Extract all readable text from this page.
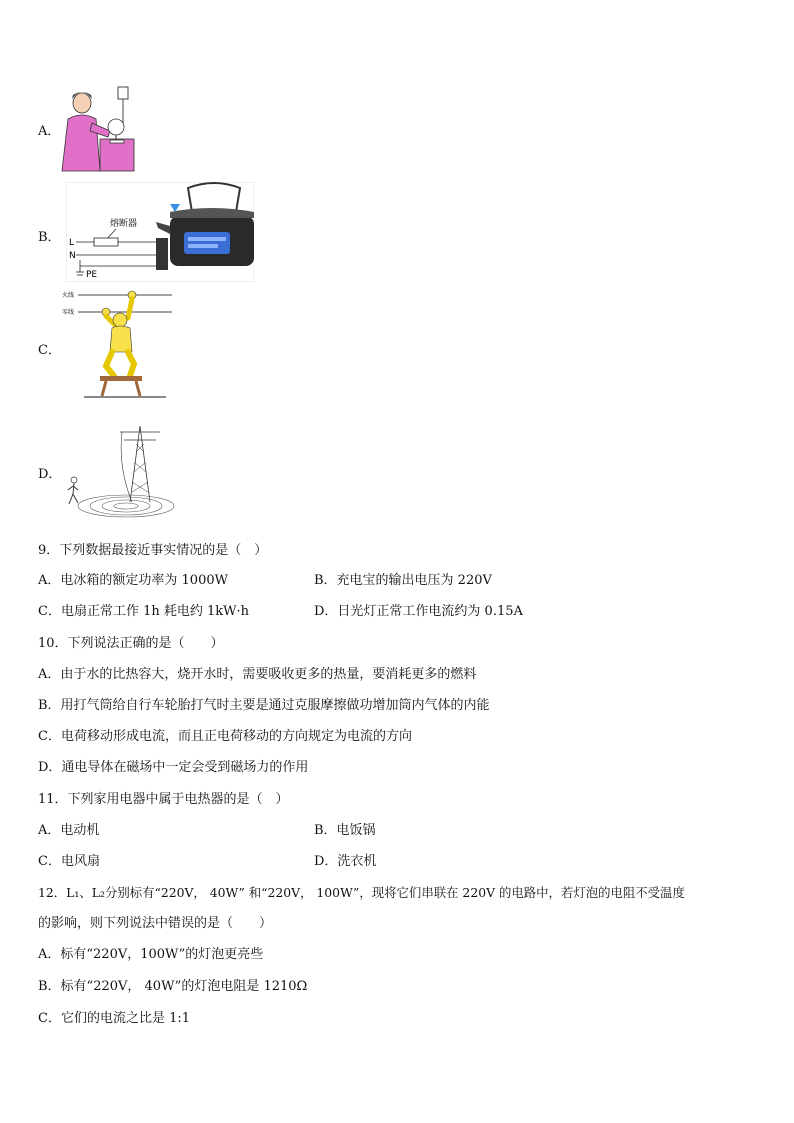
A．
B．
熔断器
L
N
PE
C．
火线
零线
D．
9．下列数据最接近事实情况的是（　）
A．电冰箱的额定功率为 1000W	B．充电宝的输出电压为 220V
C．电扇正常工作 1h 耗电约 1kW·h	D．日光灯正常工作电流约为 0.15A
10．下列说法正确的是（　　）
A．由于水的比热容大，烧开水时，需要吸收更多的热量，要消耗更多的燃料
B．用打气筒给自行车轮胎打气时主要是通过克服摩擦做功增加筒内气体的内能
C．电荷移动形成电流，而且正电荷移动的方向规定为电流的方向
D．通电导体在磁场中一定会受到磁场力的作用
11．下列家用电器中属于电热器的是（　）
A．电动机	B．电饭锅
C．电风扇	D．洗衣机
12．L₁、L₂分别标有“220V， 40W” 和“220V， 100W”，现将它们串联在 220V 的电路中，若灯泡的电阻不受温度
的影响，则下列说法中错误的是（　　）
A．标有“220V，100W”的灯泡更亮些
B．标有“220V， 40W”的灯泡电阻是 1210Ω
C．它们的电流之比是 1:1
